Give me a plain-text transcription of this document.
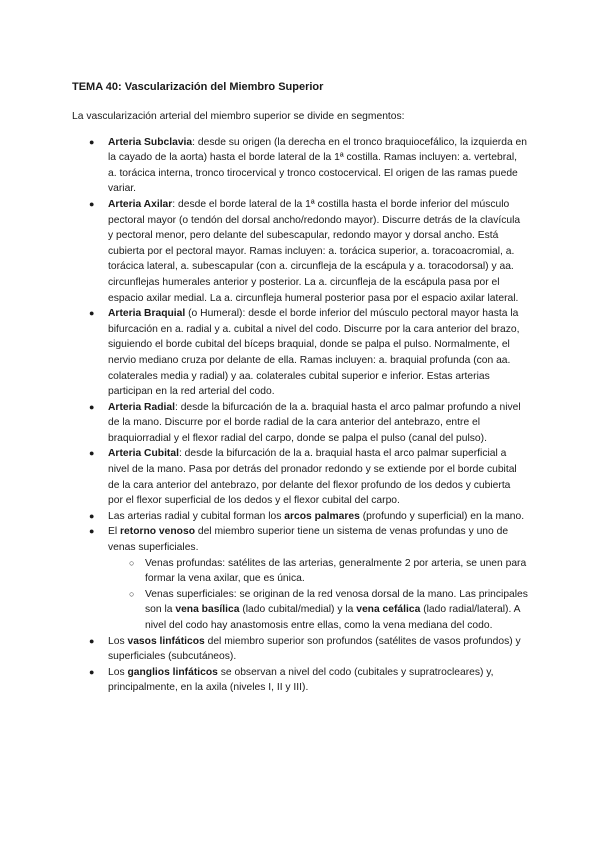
TEMA 40: Vascularización del Miembro Superior
La vascularización arterial del miembro superior se divide en segmentos:
● Arteria Subclavia: desde su origen (la derecha en el tronco braquiocefálico, la izquierda en la cayado de la aorta) hasta el borde lateral de la 1ª costilla. Ramas incluyen: a. vertebral, a. torácica interna, tronco tirocervical y tronco costocervical. El origen de las ramas puede variar.
● Arteria Axilar: desde el borde lateral de la 1ª costilla hasta el borde inferior del músculo pectoral mayor (o tendón del dorsal ancho/redondo mayor). Discurre detrás de la clavícula y pectoral menor, pero delante del subescapular, redondo mayor y dorsal ancho. Está cubierta por el pectoral mayor. Ramas incluyen: a. torácica superior, a. toracoacromial, a. torácica lateral, a. subescapular (con a. circunfleja de la escápula y a. toracodorsal) y aa. circunflejas humerales anterior y posterior. La a. circunfleja de la escápula pasa por el espacio axilar medial. La a. circunfleja humeral posterior pasa por el espacio axilar lateral.
● Arteria Braquial (o Humeral): desde el borde inferior del músculo pectoral mayor hasta la bifurcación en a. radial y a. cubital a nivel del codo. Discurre por la cara anterior del brazo, siguiendo el borde cubital del bíceps braquial, donde se palpa el pulso. Normalmente, el nervio mediano cruza por delante de ella. Ramas incluyen: a. braquial profunda (con aa. colaterales media y radial) y aa. colaterales cubital superior e inferior. Estas arterias participan en la red arterial del codo.
● Arteria Radial: desde la bifurcación de la a. braquial hasta el arco palmar profundo a nivel de la mano. Discurre por el borde radial de la cara anterior del antebrazo, entre el braquiorradial y el flexor radial del carpo, donde se palpa el pulso (canal del pulso).
● Arteria Cubital: desde la bifurcación de la a. braquial hasta el arco palmar superficial a nivel de la mano. Pasa por detrás del pronador redondo y se extiende por el borde cubital de la cara anterior del antebrazo, por delante del flexor profundo de los dedos y cubierta por el flexor superficial de los dedos y el flexor cubital del carpo.
● Las arterias radial y cubital forman los arcos palmares (profundo y superficial) en la mano.
● El retorno venoso del miembro superior tiene un sistema de venas profundas y uno de venas superficiales.
○ Venas profundas: satélites de las arterias, generalmente 2 por arteria, se unen para formar la vena axilar, que es única.
○ Venas superficiales: se originan de la red venosa dorsal de la mano. Las principales son la vena basílica (lado cubital/medial) y la vena cefálica (lado radial/lateral). A nivel del codo hay anastomosis entre ellas, como la vena mediana del codo.
● Los vasos linfáticos del miembro superior son profundos (satélites de vasos profundos) y superficiales (subcutáneos).
● Los ganglios linfáticos se observan a nivel del codo (cubitales y supratrocleares) y, principalmente, en la axila (niveles I, II y III).
